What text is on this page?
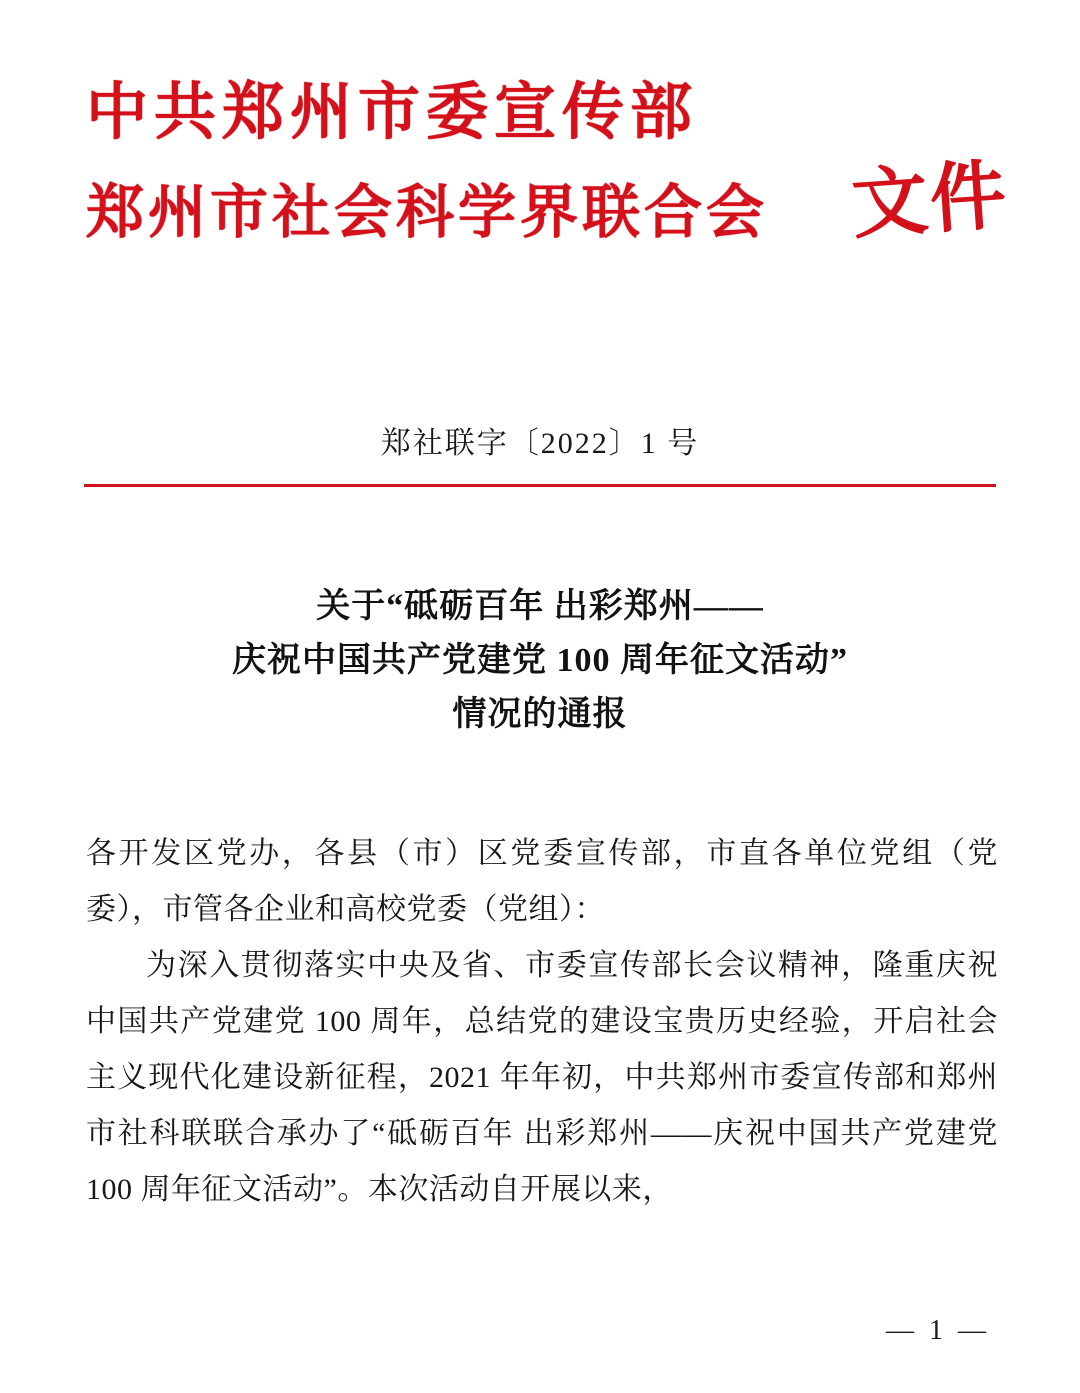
中共郑州市委宣传部
郑州市社会科学界联合会	文件
郑社联字〔2022〕1 号
关于“砥砺百年 出彩郑州——
庆祝中国共产党建党 100 周年征文活动”
情况的通报

各开发区党办，各县（市）区党委宣传部，市直各单位党组（党委），市管各企业和高校党委（党组）：

为深入贯彻落实中央及省、市委宣传部长会议精神，隆重庆祝中国共产党建党 100 周年，总结党的建设宝贵历史经验，开启社会主义现代化建设新征程，2021 年年初，中共郑州市委宣传部和郑州市社科联联合承办了“砥砺百年 出彩郑州——庆祝中国共产党建党 100 周年征文活动”。本次活动自开展以来，

— 1 —
